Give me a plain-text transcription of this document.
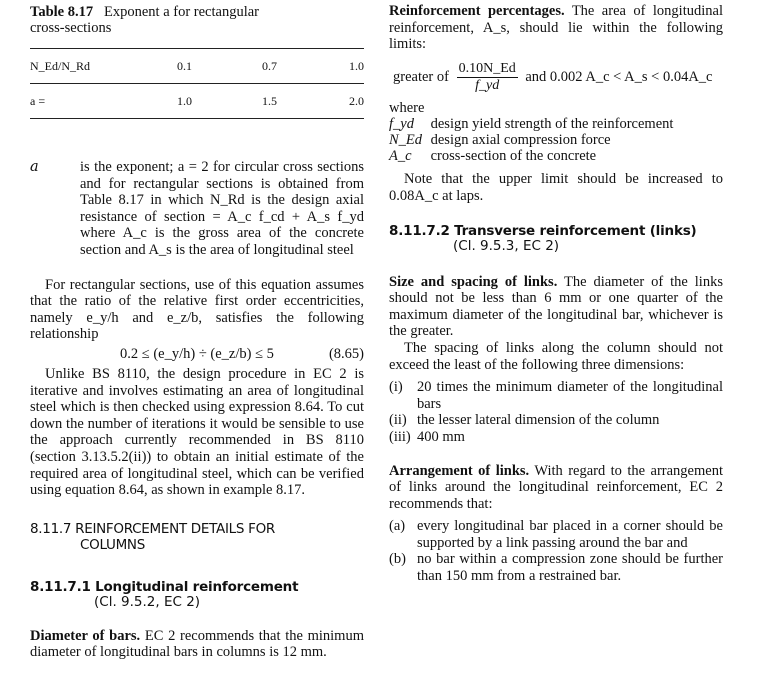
Table 8.17 Exponent a for rectangular
cross-sections
N_Ed/N_Rd	0.1	0.7	1.0
a =	1.0	1.5	2.0
a	is the exponent; a = 2 for circular cross sections and for rectangular sections is obtained from Table 8.17 in which N_Rd is the design axial resistance of section = A_c f_cd + A_s f_yd where A_c is the gross area of the concrete section and A_s is the area of longitudinal steel

For rectangular sections, use of this equation assumes that the ratio of the relative first order eccentricities, namely e_y/h and e_z/b, satisfies the following relationship

0.2 ≤ (e_y/h) ÷ (e_z/b) ≤ 5	(8.65)

Unlike BS 8110, the design procedure in EC 2 is iterative and involves estimating an area of longitudinal steel which is then checked using expression 8.64. To cut down the number of iterations it would be sensible to use the approach currently recommended in BS 8110 (section 3.13.5.2(ii)) to obtain an initial estimate of the required area of longitudinal steel, which can be verified using equation 8.64, as shown in example 8.17.

8.11.7 REINFORCEMENT DETAILS FOR
COLUMNS
8.11.7.1 Longitudinal reinforcement
(Cl. 9.5.2, EC 2)

Diameter of bars. EC 2 recommends that the minimum diameter of longitudinal bars in columns is 12 mm.

Reinforcement percentages. The area of longitudinal reinforcement, A_s, should lie within the following limits:

greater of $\frac{0.10N\_Ed}{f\_yd}$ and 0.002 A_c < A_s < 0.04A_c

where

f_yd design yield strength of the reinforcement
N_Ed design axial compression force
A_c cross-section of the concrete

Note that the upper limit should be increased to 0.08A_c at laps.

8.11.7.2 Transverse reinforcement (links)
(Cl. 9.5.3, EC 2)

Size and spacing of links. The diameter of the links should not be less than 6 mm or one quarter of the maximum diameter of the longitudinal bar, whichever is the greater.

The spacing of links along the column should not exceed the least of the following three dimensions:

(i) 20 times the minimum diameter of the longitudinal bars
(ii) the lesser lateral dimension of the column
(iii) 400 mm

Arrangement of links. With regard to the arrangement of links around the longitudinal reinforcement, EC 2 recommends that:

(a) every longitudinal bar placed in a corner should be supported by a link passing around the bar and
(b) no bar within a compression zone should be further than 150 mm from a restrained bar.
